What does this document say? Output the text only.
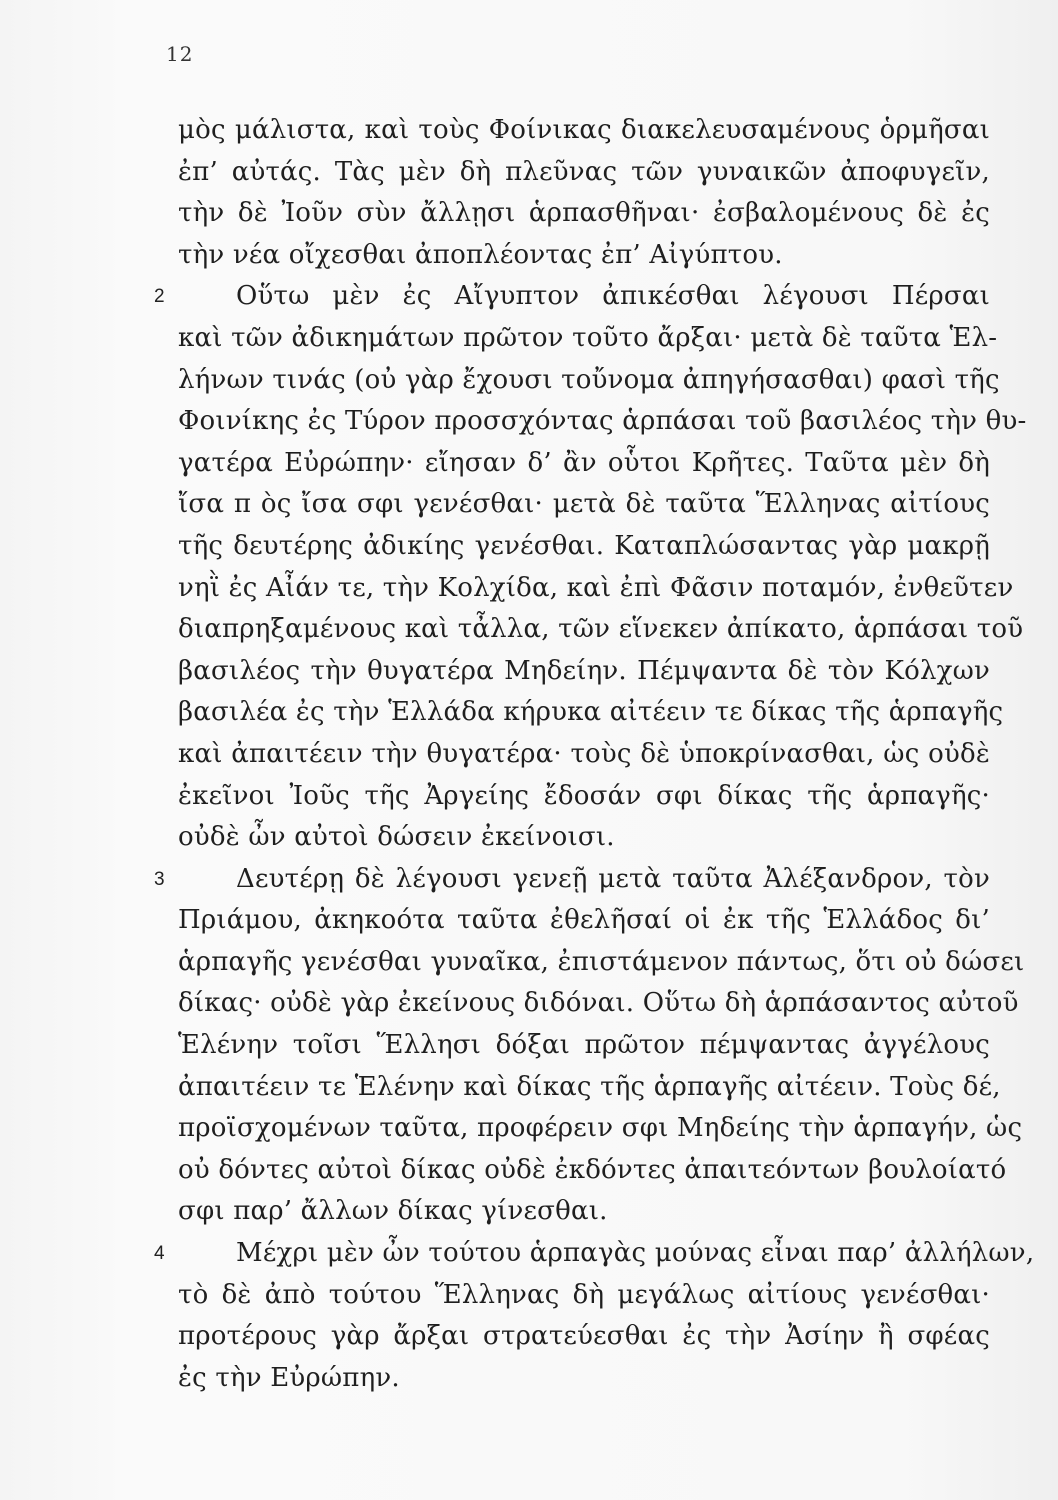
12
μὸς μάλιστα, καὶ τοὺς Φοίνικας διακελευσαμένους ὁρμῆσαι
ἐπ’ αὐτάς. Τὰς μὲν δὴ πλεῦνας τῶν γυναικῶν ἀποφυγεῖν,
τὴν δὲ Ἰοῦν σὺν ἄλλῃσι ἁρπασθῆναι· ἐσβαλομένους δὲ ἐς
τὴν νέα οἴχεσθαι ἀποπλέοντας ἐπ’ Αἰγύπτου.
2	Οὕτω μὲν ἐς Αἴγυπτον ἀπικέσθαι λέγουσι Πέρσαι
καὶ τῶν ἀδικημάτων πρῶτον τοῦτο ἄρξαι· μετὰ δὲ ταῦτα Ἑλ-
λήνων τινάς (οὐ γὰρ ἔχουσι τοὔνομα ἀπηγήσασθαι) φασὶ τῆς
Φοινίκης ἐς Τύρον προσσχόντας ἁρπάσαι τοῦ βασιλέος τὴν θυ-
γατέρα Εὐρώπην· εἴησαν δ’ ἂν οὗτοι Κρῆτες. Ταῦτα μὲν δὴ
ἴσα π ὸς ἴσα σφι γενέσθαι· μετὰ δὲ ταῦτα Ἕλληνας αἰτίους
τῆς δευτέρης ἀδικίης γενέσθαι. Καταπλώσαντας γὰρ μακρῇ
νηῒ ἐς Αἶάν τε, τὴν Κολχίδα, καὶ ἐπὶ Φᾶσιν ποταμόν, ἐνθεῦτεν
διαπρηξαμένους καὶ τἆλλα, τῶν εἵνεκεν ἀπίκατο, ἁρπάσαι τοῦ
βασιλέος τὴν θυγατέρα Μηδείην. Πέμψαντα δὲ τὸν Κόλχων
βασιλέα ἐς τὴν Ἑλλάδα κήρυκα αἰτέειν τε δίκας τῆς ἁρπαγῆς
καὶ ἀπαιτέειν τὴν θυγατέρα· τοὺς δὲ ὑποκρίνασθαι, ὡς οὐδὲ
ἐκεῖνοι Ἰοῦς τῆς Ἀργείης ἔδοσάν σφι δίκας τῆς ἁρπαγῆς·
οὐδὲ ὦν αὐτοὶ δώσειν ἐκείνοισι.
3	Δευτέρῃ δὲ λέγουσι γενεῇ μετὰ ταῦτα Ἀλέξανδρον, τὸν
Πριάμου, ἀκηκοότα ταῦτα ἐθελῆσαί οἱ ἐκ τῆς Ἑλλάδος δι’
ἁρπαγῆς γενέσθαι γυναῖκα, ἐπιστάμενον πάντως, ὅτι οὐ δώσει
δίκας· οὐδὲ γὰρ ἐκείνους διδόναι. Οὕτω δὴ ἁρπάσαντος αὐτοῦ
Ἑλένην τοῖσι Ἕλλησι δόξαι πρῶτον πέμψαντας ἀγγέλους
ἀπαιτέειν τε Ἑλένην καὶ δίκας τῆς ἁρπαγῆς αἰτέειν. Τοὺς δέ,
προϊσχομένων ταῦτα, προφέρειν σφι Μηδείης τὴν ἁρπαγήν, ὡς
οὐ δόντες αὐτοὶ δίκας οὐδὲ ἐκδόντες ἀπαιτεόντων βουλοίατό
σφι παρ’ ἄλλων δίκας γίνεσθαι.
4	Μέχρι μὲν ὦν τούτου ἁρπαγὰς μούνας εἶναι παρ’ ἀλλήλων,
τὸ δὲ ἀπὸ τούτου Ἕλληνας δὴ μεγάλως αἰτίους γενέσθαι·
προτέρους γὰρ ἄρξαι στρατεύεσθαι ἐς τὴν Ἀσίην ἢ σφέας
ἐς τὴν Εὐρώπην.
